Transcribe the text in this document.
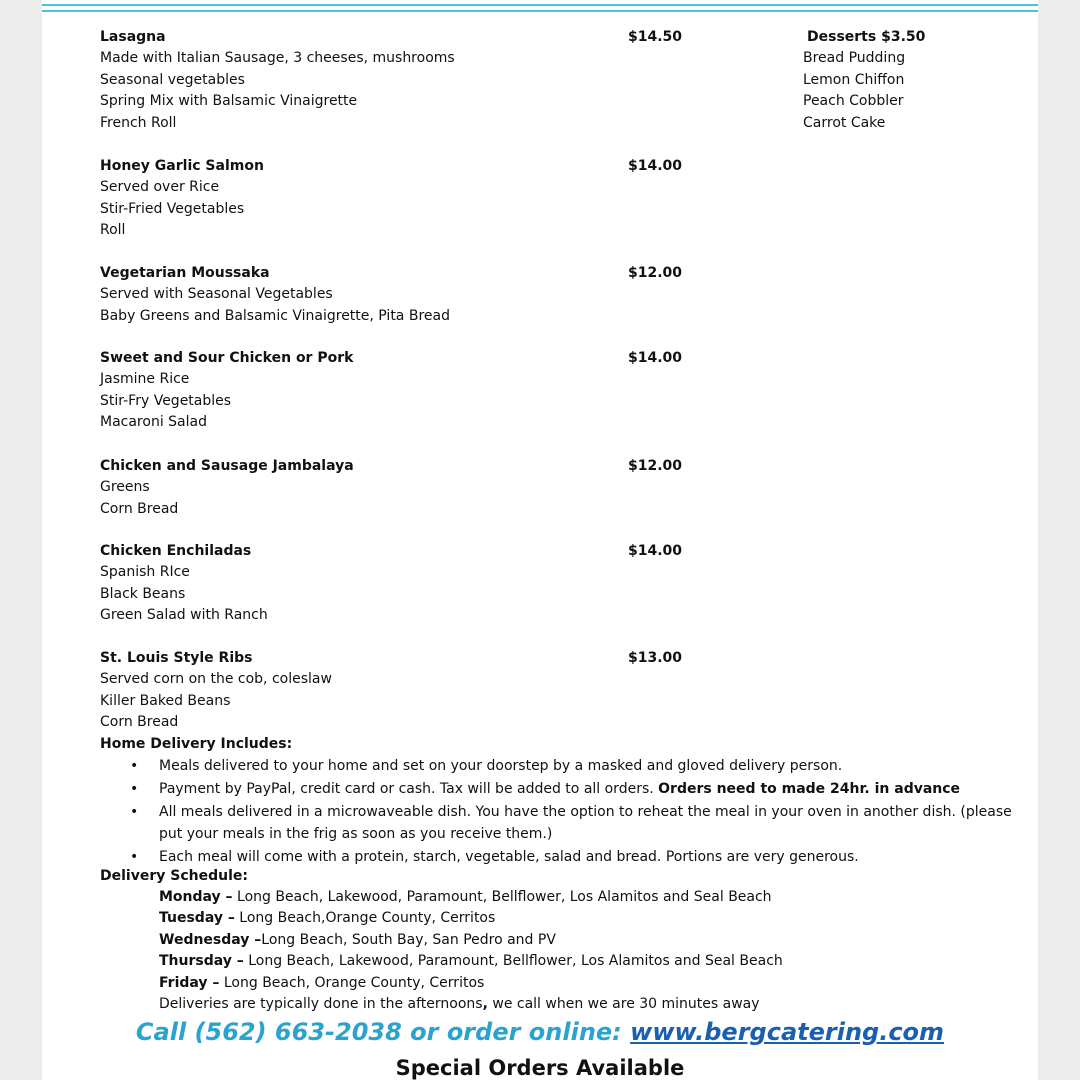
Lasagna	$14.50
Made with Italian Sausage, 3 cheeses, mushrooms
Seasonal vegetables
Spring Mix with Balsamic Vinaigrette
French Roll
Honey Garlic Salmon	$14.00
Served over Rice
Stir-Fried Vegetables
Roll
Vegetarian Moussaka	$12.00
Served with Seasonal Vegetables
Baby Greens and Balsamic Vinaigrette, Pita Bread
Sweet and Sour Chicken or Pork	$14.00
Jasmine Rice
Stir-Fry Vegetables
Macaroni Salad
Chicken and Sausage Jambalaya	$12.00
Greens
Corn Bread
Chicken Enchiladas	$14.00
Spanish RIce
Black Beans
Green Salad with Ranch
St. Louis Style Ribs	$13.00
Served corn on the cob, coleslaw
Killer Baked Beans
Corn Bread
Desserts $3.50
Bread Pudding
Lemon Chiffon
Peach Cobbler
Carrot Cake
Home Delivery Includes:
• Meals delivered to your home and set on your doorstep by a masked and gloved delivery person.
• Payment by PayPal, credit card or cash. Tax will be added to all orders. Orders need to made 24hr. in advance
• All meals delivered in a microwaveable dish. You have the option to reheat the meal in your oven in another dish. (please
put your meals in the frig as soon as you receive them.)
• Each meal will come with a protein, starch, vegetable, salad and bread. Portions are very generous.
Delivery Schedule:
Monday – Long Beach, Lakewood, Paramount, Bellflower, Los Alamitos and Seal Beach
Tuesday – Long Beach,Orange County, Cerritos
Wednesday –Long Beach, South Bay, San Pedro and PV
Thursday – Long Beach, Lakewood, Paramount, Bellflower, Los Alamitos and Seal Beach
Friday – Long Beach, Orange County, Cerritos
Deliveries are typically done in the afternoons, we call when we are 30 minutes away
Call (562) 663-2038 or order online: www.bergcatering.com
Special Orders Available
